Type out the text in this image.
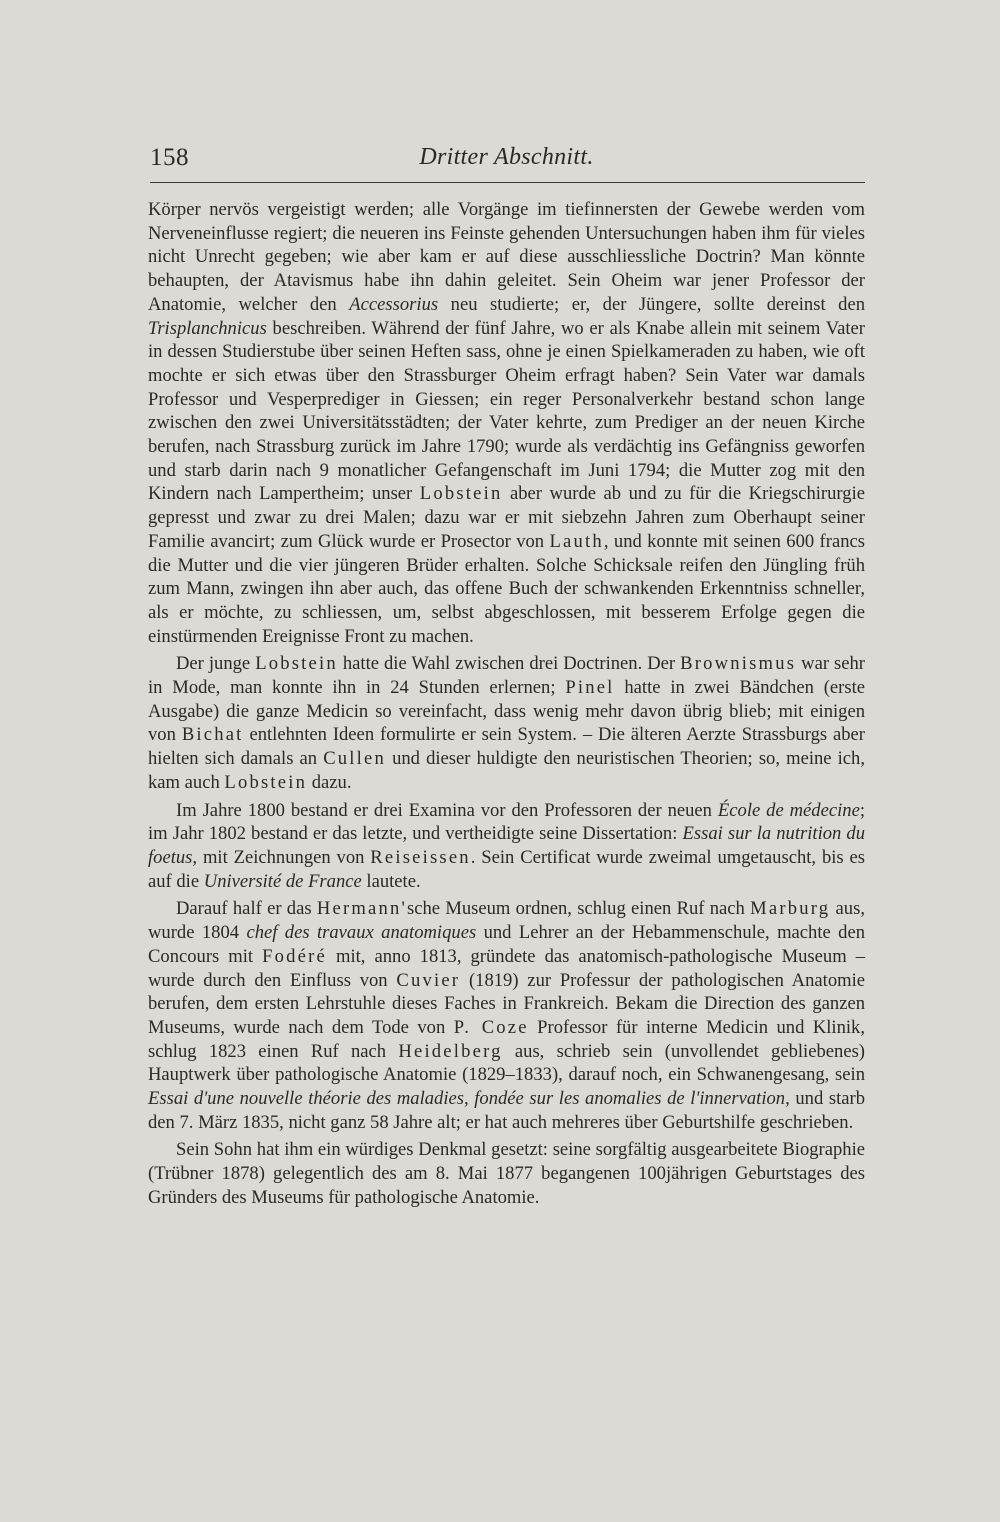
158	Dritter Abschnitt.

Körper nervös vergeistigt werden; alle Vorgänge im tiefinnersten der Gewebe werden vom Nerveneinflusse regiert; die neueren ins Feinste gehenden Untersuchungen haben ihm für vieles nicht Unrecht gegeben; wie aber kam er auf diese ausschliessliche Doctrin? Man könnte behaupten, der Atavismus habe ihn dahin geleitet. Sein Oheim war jener Professor der Anatomie, welcher den Accessorius neu studierte; er, der Jüngere, sollte dereinst den Trisplanchnicus beschreiben. Während der fünf Jahre, wo er als Knabe allein mit seinem Vater in dessen Studierstube über seinen Heften sass, ohne je einen Spielkameraden zu haben, wie oft mochte er sich etwas über den Strassburger Oheim erfragt haben? Sein Vater war damals Professor und Vesperprediger in Giessen; ein reger Personalverkehr bestand schon lange zwischen den zwei Universitätsstädten; der Vater kehrte, zum Prediger an der neuen Kirche berufen, nach Strassburg zurück im Jahre 1790; wurde als verdächtig ins Gefängniss geworfen und starb darin nach 9 monatlicher Gefangenschaft im Juni 1794; die Mutter zog mit den Kindern nach Lampertheim; unser Lobstein aber wurde ab und zu für die Kriegschirurgie gepresst und zwar zu drei Malen; dazu war er mit siebzehn Jahren zum Oberhaupt seiner Familie avancirt; zum Glück wurde er Prosector von Lauth, und konnte mit seinen 600 francs die Mutter und die vier jüngeren Brüder erhalten. Solche Schicksale reifen den Jüngling früh zum Mann, zwingen ihn aber auch, das offene Buch der schwankenden Erkenntniss schneller, als er möchte, zu schliessen, um, selbst abgeschlossen, mit besserem Erfolge gegen die einstürmenden Ereignisse Front zu machen.

Der junge Lobstein hatte die Wahl zwischen drei Doctrinen. Der Brownismus war sehr in Mode, man konnte ihn in 24 Stunden erlernen; Pinel hatte in zwei Bändchen (erste Ausgabe) die ganze Medicin so vereinfacht, dass wenig mehr davon übrig blieb; mit einigen von Bichat entlehnten Ideen formulirte er sein System. – Die älteren Aerzte Strassburgs aber hielten sich damals an Cullen und dieser huldigte den neuristischen Theorien; so, meine ich, kam auch Lobstein dazu.

Im Jahre 1800 bestand er drei Examina vor den Professoren der neuen École de médecine; im Jahr 1802 bestand er das letzte, und vertheidigte seine Dissertation: Essai sur la nutrition du foetus, mit Zeichnungen von Reiseissen. Sein Certificat wurde zweimal umgetauscht, bis es auf die Université de France lautete.

Darauf half er das Hermann'sche Museum ordnen, schlug einen Ruf nach Marburg aus, wurde 1804 chef des travaux anatomiques und Lehrer an der Hebammenschule, machte den Concours mit Fodéré mit, anno 1813, gründete das anatomisch-pathologische Museum – wurde durch den Einfluss von Cuvier (1819) zur Professur der pathologischen Anatomie berufen, dem ersten Lehrstuhle dieses Faches in Frankreich. Bekam die Direction des ganzen Museums, wurde nach dem Tode von P. Coze Professor für interne Medicin und Klinik, schlug 1823 einen Ruf nach Heidelberg aus, schrieb sein (unvollendet gebliebenes) Hauptwerk über pathologische Anatomie (1829–1833), darauf noch, ein Schwanengesang, sein Essai d'une nouvelle théorie des maladies, fondée sur les anomalies de l'innervation, und starb den 7. März 1835, nicht ganz 58 Jahre alt; er hat auch mehreres über Geburtshilfe geschrieben.

Sein Sohn hat ihm ein würdiges Denkmal gesetzt: seine sorgfältig ausgearbeitete Biographie (Trübner 1878) gelegentlich des am 8. Mai 1877 begangenen 100jährigen Geburtstages des Gründers des Museums für pathologische Anatomie.
